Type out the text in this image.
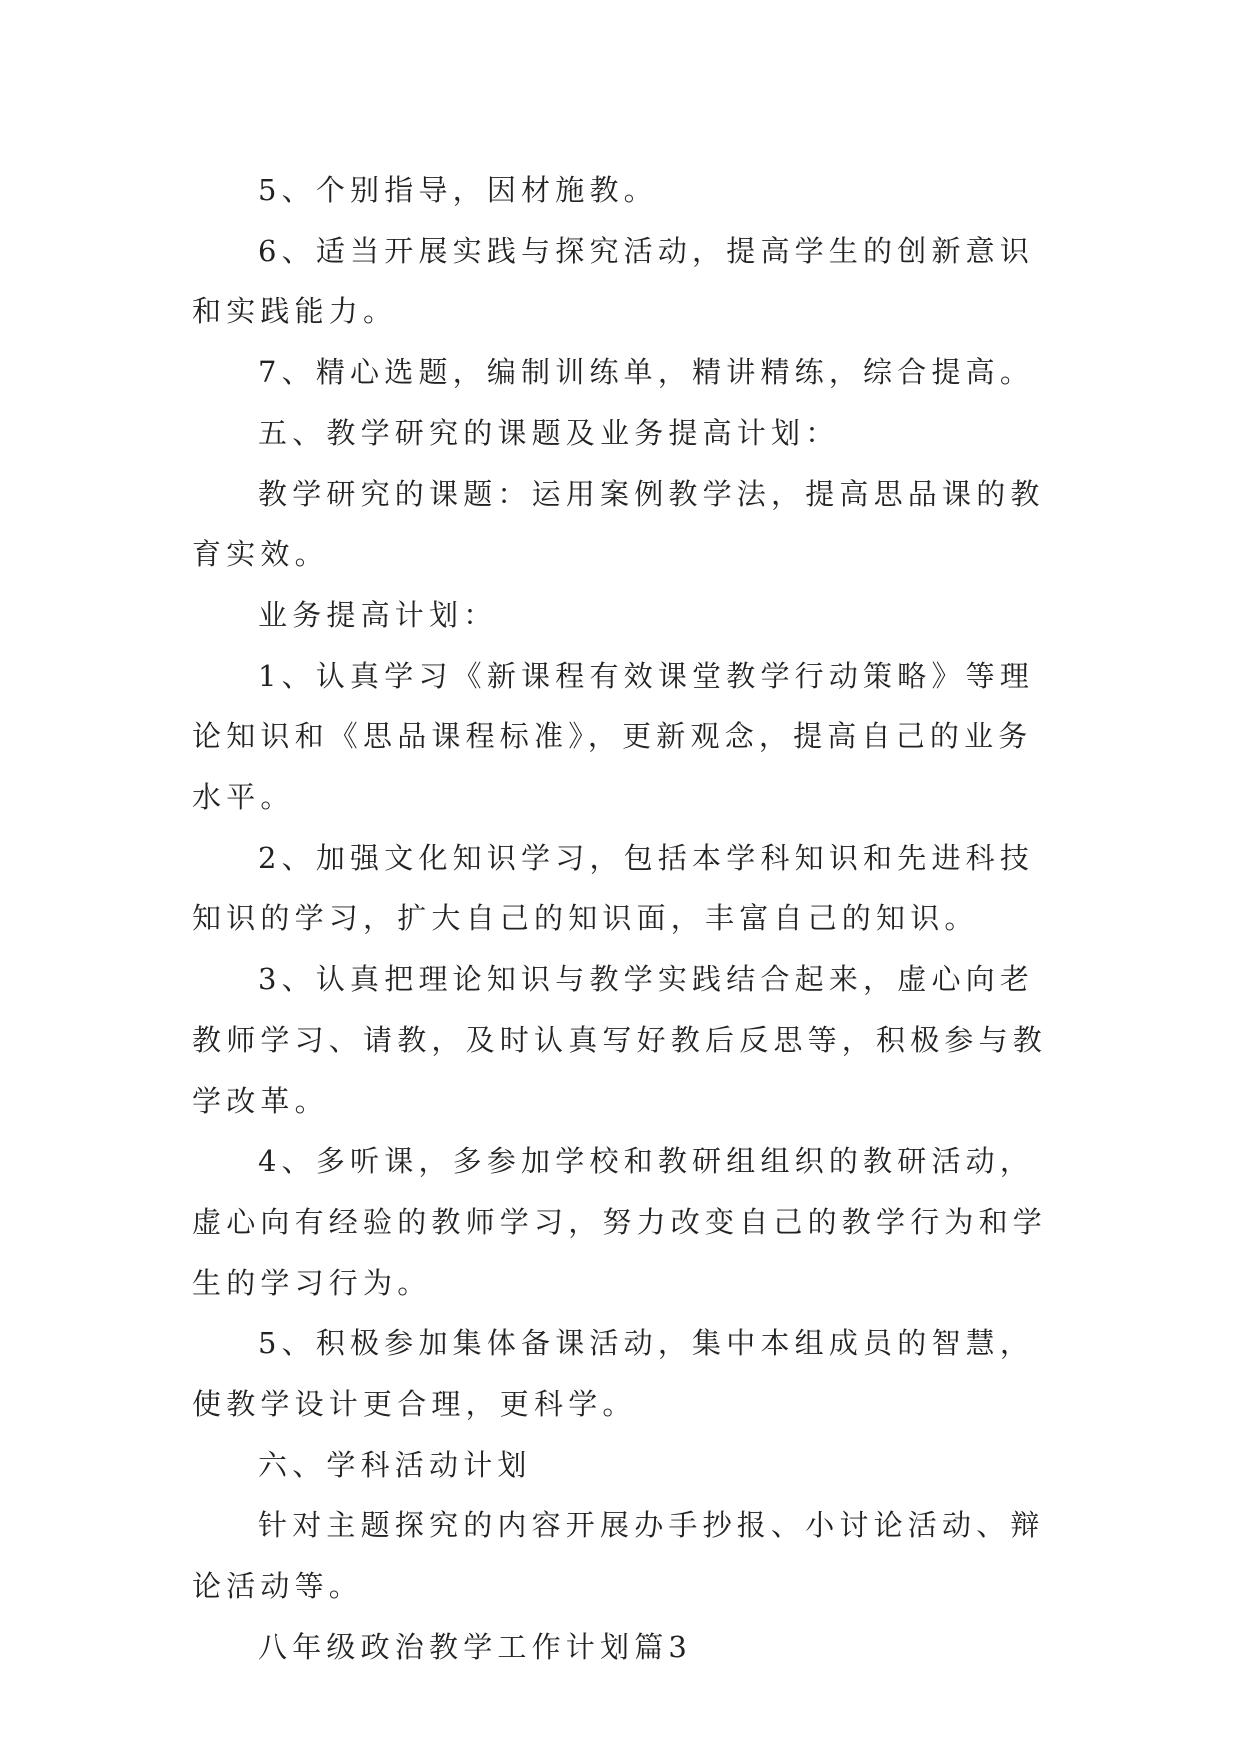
5、个别指导，因材施教。

6、适当开展实践与探究活动，提高学生的创新意识和实践能力。

7、精心选题，编制训练单，精讲精练，综合提高。

五、教学研究的课题及业务提高计划：

教学研究的课题：运用案例教学法，提高思品课的教育实效。

业务提高计划：

1、认真学习《新课程有效课堂教学行动策略》等理论知识和《思品课程标准》，更新观念，提高自己的业务水平。

2、加强文化知识学习，包括本学科知识和先进科技知识的学习，扩大自己的知识面，丰富自己的知识。

3、认真把理论知识与教学实践结合起来，虚心向老教师学习、请教，及时认真写好教后反思等，积极参与教学改革。

4、多听课，多参加学校和教研组组织的教研活动，虚心向有经验的教师学习，努力改变自己的教学行为和学生的学习行为。

5、积极参加集体备课活动，集中本组成员的智慧，使教学设计更合理，更科学。

六、学科活动计划

针对主题探究的内容开展办手抄报、小讨论活动、辩论活动等。

八年级政治教学工作计划篇3
